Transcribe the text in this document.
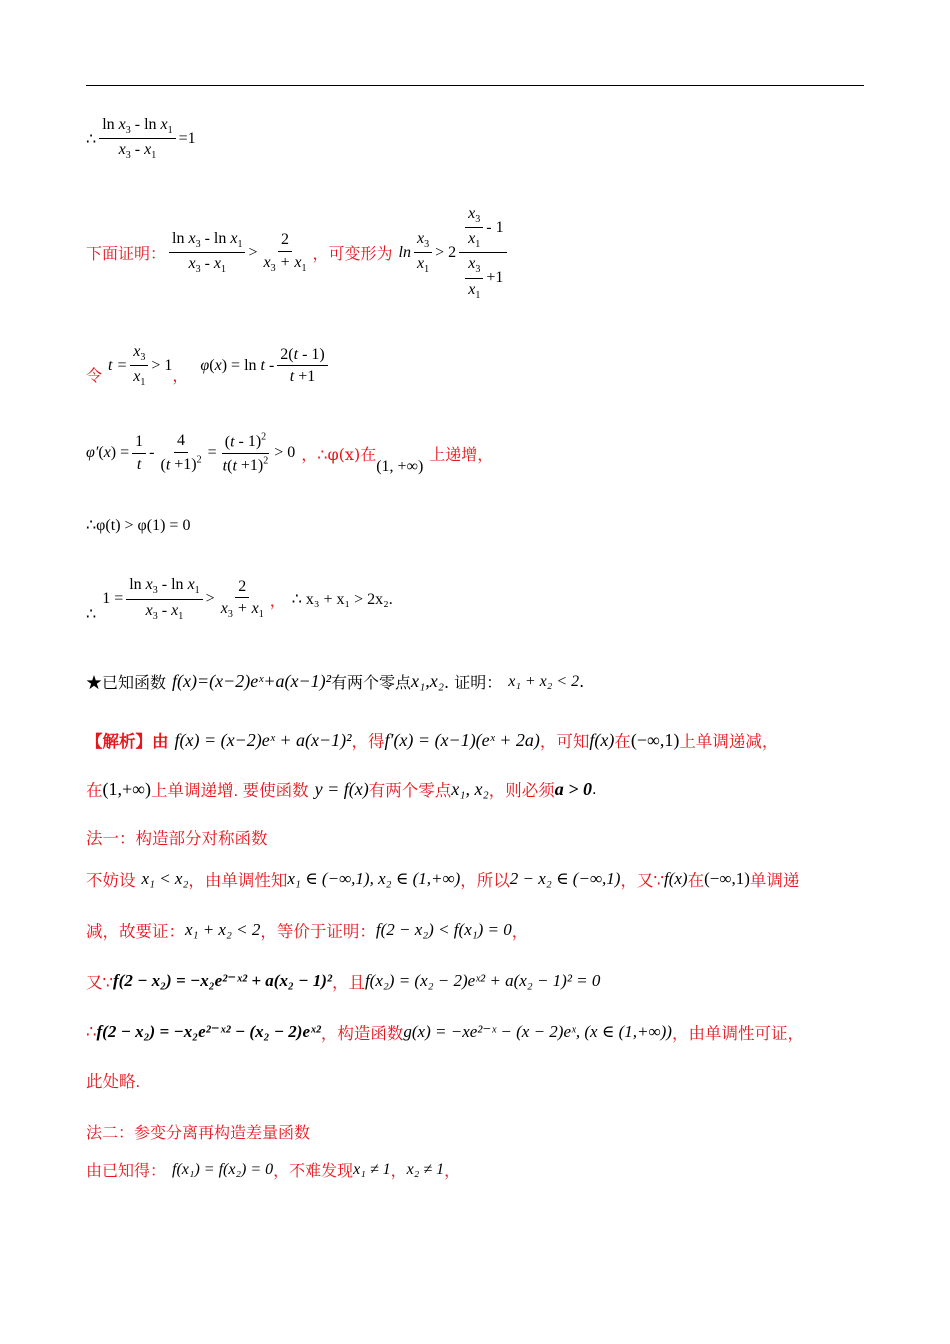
∴ $\frac{\ln x_3 - \ln x_1}{x_3 - x_1} =1$
下面证明： $\frac{\ln x_3 - \ln x_1}{x_3 - x_1} > \frac{2}{x_3 + x_1}$ ，可变形为 $\ln \frac{x_3}{x_1} > 2 \frac{\frac{x_3}{x_1} - 1}{\frac{x_3}{x_1} +1}$
令
$t = \frac{x_3}{x_1} > 1$
，
φ ( x ) = ln t - $\frac{2(t - 1)}{t +1}$
φ′ ( x ) = $\frac{1}{t} - \frac{4}{(t +1)^2} = \frac{(t - 1)^2}{t(t +1)^2} > 0$ ， ∴φ(x)在
(1, +∞)
上递增，
∴φ(t) > φ(1) = 0
∴
$1 = \frac{\ln x_3 - \ln x_1}{x_3 - x_1} > \frac{2}{x_3 + x_1}$ ， ∴ x₃ + x₁ > 2x₂.
★已知函数 f(x)=(x−2)eˣ+a(x−1)² 有两个零点 x₁,x₂ . 证明： x₁ + x₂ < 2 .
【解析】由 f(x) = (x−2)eˣ + a(x−1)² ，得 f′(x) = (x−1)(eˣ + 2a) ，可知 f(x) 在 (−∞,1) 上单调递减，
在 (1,+∞) 上单调递增. 要使函数 y = f(x) 有两个零点 x₁, x₂ ，则必须 a > 0 .
法一：构造部分对称函数
不妨设 x₁ < x₂ ，由单调性知 x₁ ∈ (−∞,1), x₂ ∈ (1,+∞) ，所以 2 − x₂ ∈ (−∞,1) ，又∵ f(x) 在 (−∞,1) 单调递
减，故要证： x₁ + x₂ < 2 ，等价于证明： f(2 − x₂) < f(x₁) = 0 ，
又∵ f(2 − x₂) = −x₂e²⁻ˣ² + a(x₂ − 1)² ，且 f(x₂) = (x₂ − 2)eˣ² + a(x₂ − 1)² = 0
∴ f(2 − x₂) = −x₂e²⁻ˣ² − (x₂ − 2)eˣ² ，构造函数 g(x) = −xe²⁻ˣ − (x − 2)eˣ, (x ∈ (1,+∞)) ，由单调性可证，
此处略.
法二：参变分离再构造差量函数
由已知得： f(x₁) = f(x₂) = 0 ，不难发现 x₁ ≠ 1 ， x₂ ≠ 1 ，
